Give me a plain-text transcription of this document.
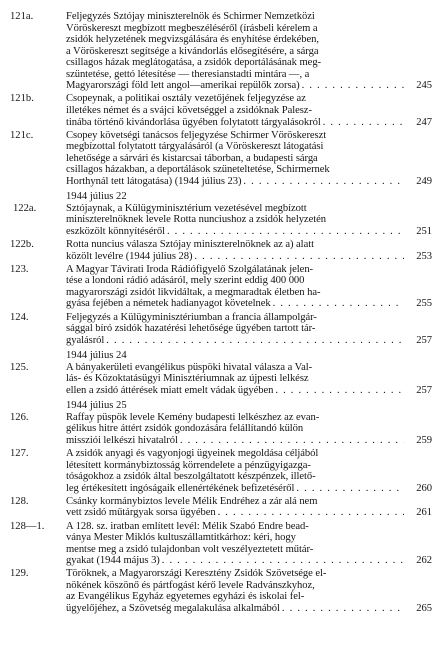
121a.	Feljegyzés Sztójay miniszterelnök és Schirmer Nemzetközi
Vöröskereszt megbízott megbeszéléséről (írásbeli kérelem a
zsidók helyzetének megvizsgálására és enyhítése érdekében,
a Vöröskereszt segítsége a kivándorlás elősegítésére, a sárga
csillagos házak meglátogatása, a zsidók deportálásának meg-
szüntetése, gettó létesítése — theresianstadti mintára —, a
Magyarországi föld lett angol—amerikai repülők zorsa) . . .	245
121b.	Csopeynak, a politikai osztály vezetőjének feljegyzése az
illetékes német és a svájci követséggel a zsidóknak Palesz-
tinába történő kivándorlása ügyében folytatott tárgyalásokról . . .	247
121c.	Csopey követségi tanácsos feljegyzése Schirmer Vöröskereszt
megbízottal folytatott tárgyalásáról (a Vöröskereszt látogatási
lehetősége a sárvári és kistarcsai táborban, a budapesti sárga
csillagos házakban, a deportálások szüneteltetése, Schirmernek
Horthynál tett látogatása) (1944 július 23) . . .	249
1944 július 22
122a.	Sztójaynak, a Külügyminisztérium vezetésével megbízott
miniszterelnöknek levele Rotta nunciushoz a zsidók helyzetén
eszközölt
könnyítéséről . . .	251
122b.	Rotta nuncius válasza Sztójay miniszterelnöknek az a) alatt
közölt levélre (1944 július 28) . . .	253
123.	A Magyar Távirati Iroda Rádiófigyelő Szolgálatának jelen-
tése a londoni rádió adásáról, mely szerint eddig 400 000
magyarországi zsidót likvidáltak, a megmaradtak életben ha-
gyása fejében a németek hadianyagot követelnek . . .	255
124.	Feljegyzés a Külügyminisztériumban a francia állampolgár-
sággal bíró zsidók hazatérési lehetősége ügyében tartott tár-
gyalásról . . .	257
1944 július 24
125.	A bányakerületi evangélikus püspöki hivatal válasza a Val-
lás- és Közoktatásügyi Minisztériumnak az újpesti lelkész
ellen a zsidó áttérések miatt emelt vádak ügyében . . .	257
1944 július 25
126.	Raffay püspök levele Kemény budapesti lelkészhez az evan-
gélikus hitre áttért zsidók gondozására felállítandó külön
missziói lelkészi hivatalról . . .	259
127.	A zsidók anyagi és vagyonjogi ügyeinek megoldása céljából
létesített kormánybiztosság körrendelete a pénzügyigazga-
tóságokhoz a zsidók által beszolgáltatott készpénzek, illető-
leg értékesített ingóságaik ellenértékének befizetéséről . . .	260
128.	Csánky kormánybiztos levele Mélik Endréhez a zár alá nem
vett zsidó műtárgyak sorsa ügyében . . .	261
128—1.	A 128. sz. iratban említett levél: Mélik Szabó Endre bead-
ványa Mester Miklós kultuszállamtitkárhoz: kéri, hogy
mentse meg a zsidó tulajdonban volt veszélyeztetett műtár-
gyakat (1944 május 3) . . .	262
129.	Töröknek, a Magyarországi Keresztény Zsidók Szövetsége el-
nökének köszönő és pártfogást kérő levele Radvánszkyhoz,
az Evangélikus Egyház egyetemes egyházi és iskolai fel-
ügyelőjéhez, a Szövetség megalakulása alkalmából . . .	265
